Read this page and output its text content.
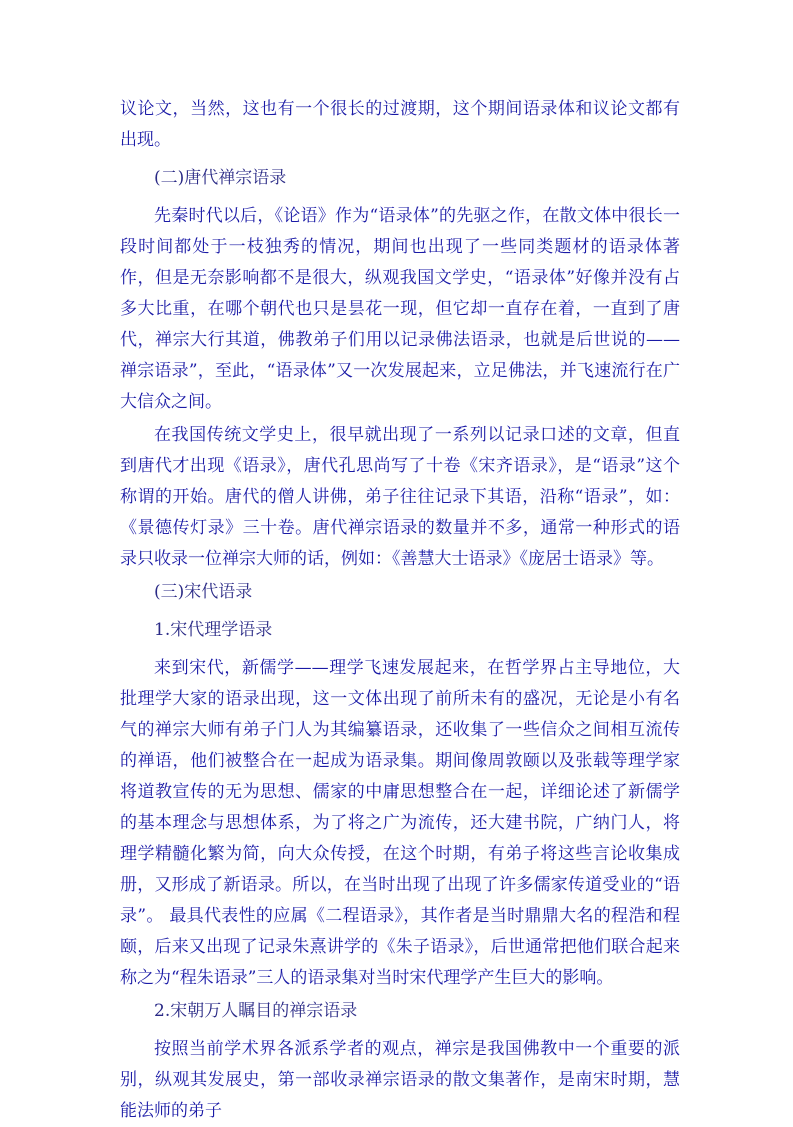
议论文，当然，这也有一个很长的过渡期，这个期间语录体和议论文都有出现。

(二)唐代禅宗语录

先秦时代以后，《论语》作为“语录体”的先驱之作，在散文体中很长一段时间都处于一枝独秀的情况，期间也出现了一些同类题材的语录体著作，但是无奈影响都不是很大，纵观我国文学史，“语录体”好像并没有占多大比重，在哪个朝代也只是昙花一现，但它却一直存在着，一直到了唐代，禅宗大行其道，佛教弟子们用以记录佛法语录，也就是后世说的——禅宗语录”，至此，“语录体”又一次发展起来，立足佛法，并飞速流行在广大信众之间。

在我国传统文学史上，很早就出现了一系列以记录口述的文章，但直到唐代才出现《语录》，唐代孔思尚写了十卷《宋齐语录》，是“语录”这个称谓的开始。唐代的僧人讲佛，弟子往往记录下其语，沿称“语录”，如：《景德传灯录》三十卷。唐代禅宗语录的数量并不多，通常一种形式的语录只收录一位禅宗大师的话，例如：《善慧大士语录》《庞居士语录》等。

(三)宋代语录

1.宋代理学语录

来到宋代，新儒学——理学飞速发展起来，在哲学界占主导地位，大批理学大家的语录出现，这一文体出现了前所未有的盛况，无论是小有名气的禅宗大师有弟子门人为其编纂语录，还收集了一些信众之间相互流传的禅语，他们被整合在一起成为语录集。期间像周敦颐以及张载等理学家将道教宣传的无为思想、儒家的中庸思想整合在一起，详细论述了新儒学的基本理念与思想体系，为了将之广为流传，还大建书院，广纳门人，将理学精髓化繁为简，向大众传授，在这个时期，有弟子将这些言论收集成册，又形成了新语录。所以，在当时出现了出现了许多儒家传道受业的“语录”。 最具代表性的应属《二程语录》，其作者是当时鼎鼎大名的程浩和程颐，后来又出现了记录朱熹讲学的《朱子语录》，后世通常把他们联合起来称之为“程朱语录”三人的语录集对当时宋代理学产生巨大的影响。

2.宋朝万人瞩目的禅宗语录

按照当前学术界各派系学者的观点，禅宗是我国佛教中一个重要的派别，纵观其发展史，第一部收录禅宗语录的散文集著作，是南宋时期，慧能法师的弟子
